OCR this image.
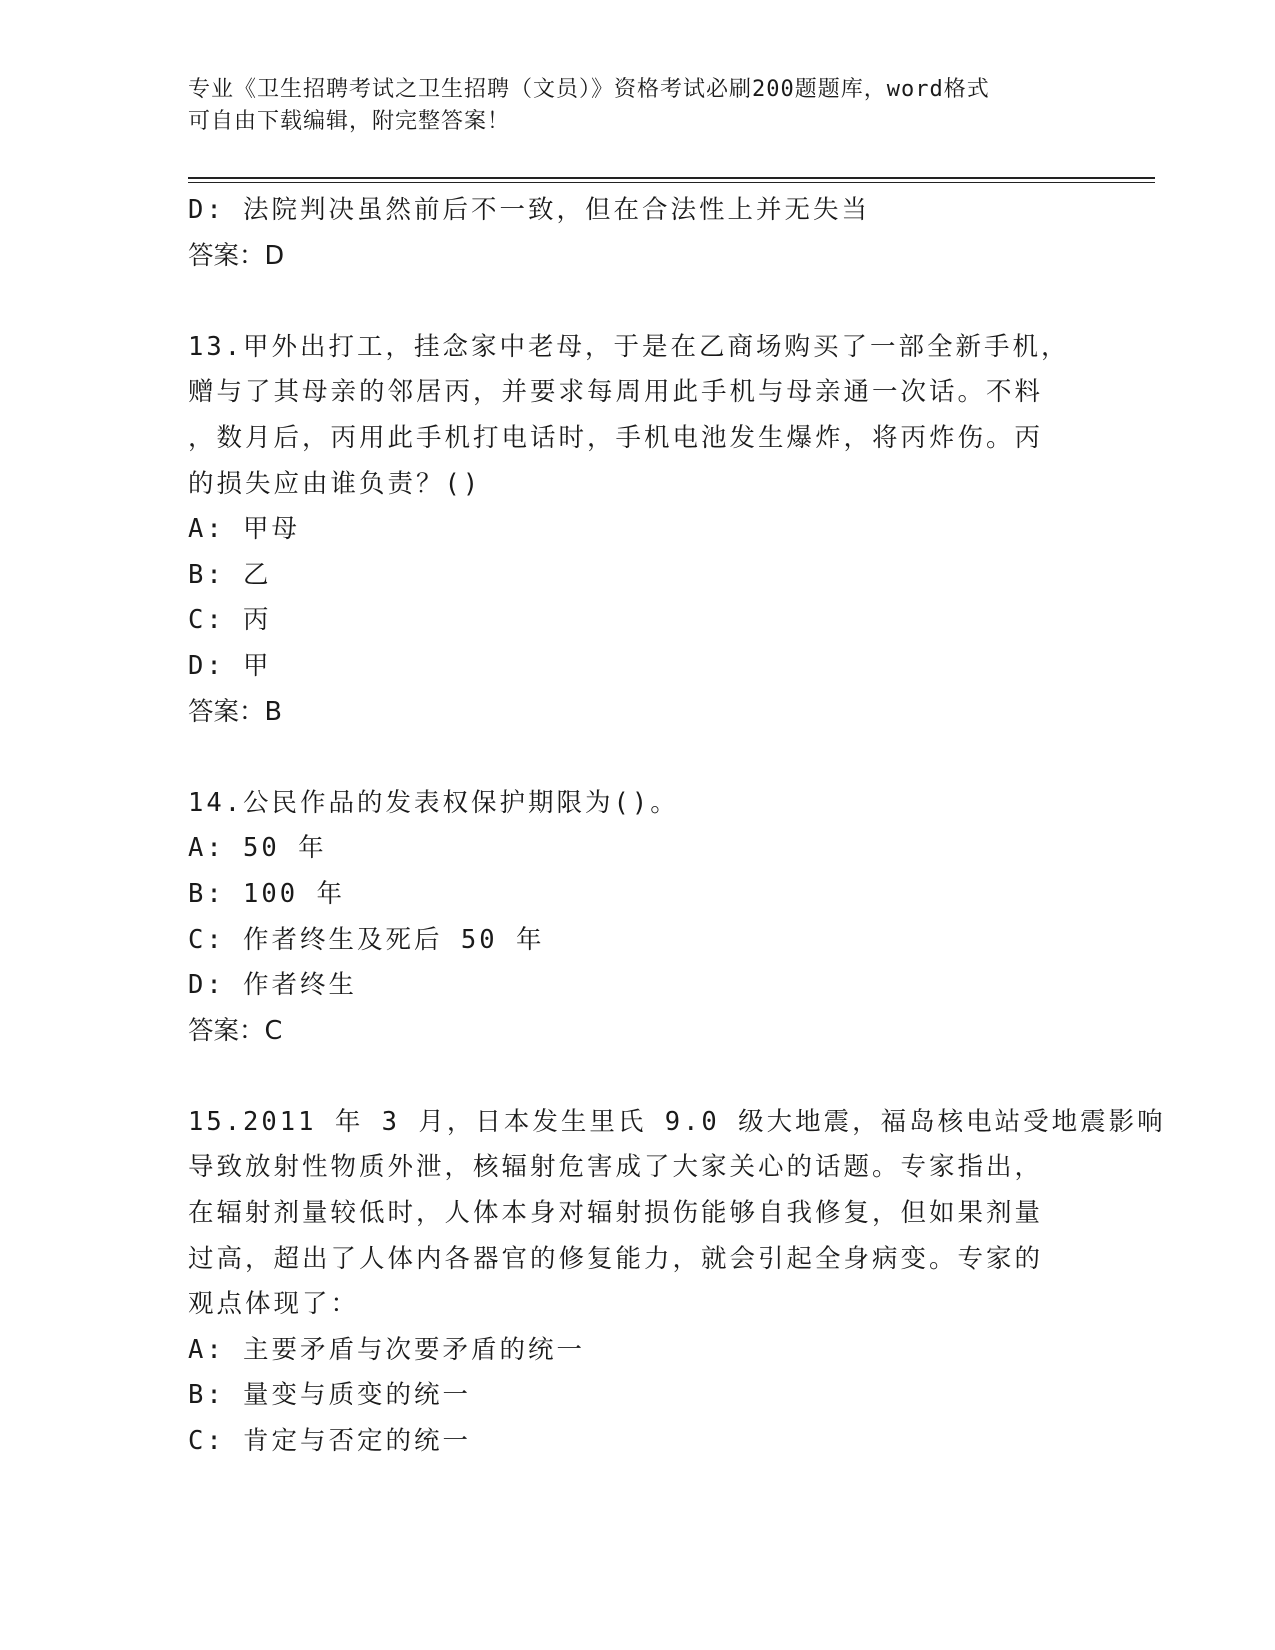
专业《卫生招聘考试之卫生招聘（文员）》资格考试必刷200题题库，word格式
可自由下载编辑，附完整答案！
D: 法院判决虽然前后不一致，但在合法性上并无失当
答案：D
13.甲外出打工，挂念家中老母，于是在乙商场购买了一部全新手机，
赠与了其母亲的邻居丙，并要求每周用此手机与母亲通一次话。不料
，数月后，丙用此手机打电话时，手机电池发生爆炸，将丙炸伤。丙
的损失应由谁负责？()
A: 甲母
B: 乙
C: 丙
D: 甲
答案：B
14.公民作品的发表权保护期限为()。
A: 50 年
B: 100 年
C: 作者终生及死后 50 年
D: 作者终生
答案：C
15.2011 年 3 月，日本发生里氏 9.0 级大地震，福岛核电站受地震影响
导致放射性物质外泄，核辐射危害成了大家关心的话题。专家指出，
在辐射剂量较低时，人体本身对辐射损伤能够自我修复，但如果剂量
过高，超出了人体内各器官的修复能力，就会引起全身病变。专家的
观点体现了：
A: 主要矛盾与次要矛盾的统一
B: 量变与质变的统一
C: 肯定与否定的统一
